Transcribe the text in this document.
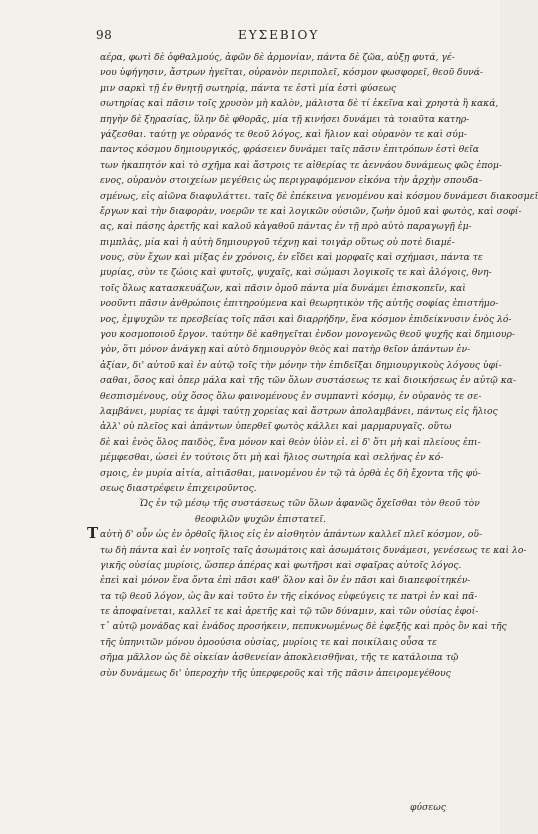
98	ΕΥΣΕΒΙΟΥ
αέρα, φωτὶ δὲ ὀφθαλμούς, ἀφῶν δὲ ἁρμονίαν, πάντα δὲ ζῶα, αὐξῃ φυτά, γέ-
νου ὑφήγησιν, ἄστρων ἡγεῖται, οὐρανὸν περιπολεῖ, κόσμον φωσφορεῖ, θεοῦ δυνά-
μιν σαρκὶ τῇ ἐν θνητῇ σωτηρίᾳ, πάντα τε ἐστὶ μία ἐστὶ φύσεως
σωτηρίας καὶ πᾶσιν τοῖς χρυσὸν μὴ καλὸν, μάλιστα δὲ τί ἐκεῖνα καὶ χρηστὰ ἢ κακά,
πηγὴν δὲ ξηρασίας, ὕλην δὲ φθορᾶς, μία τῇ κινήσει δυνάμει τὰ τοιαῦτα κατηρ-
γάζεσθαι. ταύτῃ γε οὐρανός τε θεοῦ λόγος, καὶ ἥλιον καὶ οὐρανὸν τε καὶ σύμ-
παντος κόσμου δημιουργικός, φράσειεν δυνάμει ταῖς πᾶσιν ἐπιτρόπων ἐστὶ θεῖα
των ἠκαπητόν καὶ τὸ σχῆμα καὶ ἄστροις τε αἰθερίας τε ἀεννάου δυνάμεως φῶς ἐπομ-
ενος, οὐρανὸν στοιχείων μεγέθεις ὡς περιγραφόμενον εἰκόνα τὴν ἀρχὴν σπουδα-
σμένως, εἰς αἰῶνα διαφυλάττει. ταῖς δὲ ἐπέκεινα γενομένου καὶ κόσμου δυνάμεσι διακοσμεῖ
ἔργων καὶ τὴν διαφορὰν, νοερῶν τε καὶ λογικῶν οὐσιῶν, ζωὴν ὁμοῦ καὶ φωτὸς, καὶ σοφί-
ας, καὶ πάσης ἀρετῆς καὶ καλοῦ κἀγαθοῦ πάντας ἐν τῇ πρὸ αὐτὸ παραγωγῇ ἐμ-
πιμπλὰς, μία καὶ ἡ αὐτὴ δημιουργοῦ τέχνῃ καὶ τοιγάρ οὕτως οὐ ποτὲ διαμέ-
νους, σὺν ἔχων καὶ μίξας ἐν χρόνοις, ἐν εἴδει καὶ μορφαῖς καὶ σχήμασι, πάντα τε
μυρίας, σὺν τε ζώοις καὶ φυτοῖς, ψυχαῖς, καὶ σώμασι λογικοῖς τε καὶ ἀλόγοις, θνη-
τοῖς ὅλως κατασκευάζων, καὶ πᾶσιν ὁμοῦ πάντα μία δυνάμει ἐπισκοπεῖν, καὶ
νοοῦντι πᾶσιν ἀνθρώποις ἐπιτηρούμενα καὶ θεωρητικὸν τῆς αὐτῆς σοφίας ἐπιστήμο-
νος, ἐμψυχῶν τε πρεσβείας τοῖς πᾶσι καὶ διαρρήδην, ἕνα κόσμον ἐπιδείκνυσιν ἑνὸς λό-
γου κοσμοποιοῦ ἔργον. ταύτην δὲ καθηγεῖται ἐνδον μονογενῶς θεοῦ ψυχῆς καὶ δημιουρ-
γὸν, ὅτι μόνον ἀνάγκῃ καὶ αὐτὸ δημιουργὸν θεὸς καὶ πατὴρ θεῖον ἀπάντων ἐν-
ἀξίαν, δι' αὐτοῦ καὶ ἐν αὐτῷ τοῖς τὴν μόνην τὴν ἐπιδεῖξαι δημιουργικοὺς λόγους ὑφί-
σαθαι, ὅσος καὶ ὁπερ μάλα καὶ τῆς τῶν ὅλων συστάσεως τε καὶ διοικήσεως ἐν αὐτῷ κα-
θεσπισμένους, οὐχ ὅσος ὅλω φαινομένους ἐν συμπαντὶ κόσμῳ, ἐν οὐρανὸς τε σε-
λαμβάνει, μυρίας τε ἀμφὶ ταύτῃ χορείας καὶ ἄστρων ἀπολαμβάνει, πάντως εἰς ἥλιος
ἀλλ' οὐ πλεῖος καὶ ἀπάντων ὑπερθεῖ φωτὸς κάλλει καὶ μαρμαρυγαῖς. οὕτω
δὲ καὶ ἑνὸς ὅλος παιδὸς, ἕνα μόνον καὶ θεὸν ὑἱὸν εἰ. εἰ δ' ὅτι μὴ καὶ πλείους ἐπι-
μέμφεσθαι, ὡσεὶ ἐν τούτοις ὅτι μὴ καὶ ἥλιος σωτηρία καὶ σελήνας ἐν κό-
σμοις, ἐν μυρία αἰτία, αἰτιᾶσθαι, μαινομένου ἐν τῷ τὰ ὀρθὰ ἐς δὴ ἔχοντα τῆς φύ-
σεως διαστρέφειν ἐπιχειροῦντος.
Ὡς ἐν τῷ μέσῳ τῆς συστάσεως τῶν ὅλων ἀφανῶς ὄχεῖσθαι τὸν θεοῦ τὸν
θεοφιλῶν ψυχῶν ἐπιστατεῖ.
T αὐτὴ δ' οὖν ὡς ἐν ὀρθοῖς ἥλιος εἰς ἐν αἰσθητὸν ἀπάντων καλλεῖ πλεῖ κόσμον, οὕ-
τω δὴ πάντα καὶ ἐν νοητοῖς ταῖς ἀσωμάτοις καὶ ἀσωμάτοις δυνάμεσι, γενέσεως τε καὶ λο-
γικῆς οὐσίας μυρίοις, ὥσπερ ἀπέρας καὶ φωτῆρσι καὶ σφαῖρας αὐτοῖς λόγος.
ἐπεὶ καὶ μόνον ἕνα ὄντα ἐπὶ πᾶσι καθ' ὅλον καὶ ὃν ἐν πᾶσι καὶ διαπεφοίτηκέν-
τα τῷ θεοῦ λόγον, ὡς ἂν καὶ τοῦτο ἐν τῆς εἰκόνος εὐφεύγεις τε πατρὶ ἐν καὶ πᾶ-
τε ἀποφαίνεται, καλλεῖ τε καὶ ἀρετῆς καὶ τῷ τῶν δύναμιν, καὶ τῶν οὐσίας ἐφοί-
τ᾽ αὐτῷ μονάδας καὶ ἑνάδος προσήκειν, πεπυκνωμένως δὲ ἐφεξῆς καὶ πρὸς ὃν καὶ τῆς
τῆς ὑπηνιτῶν μόνου ὁμοούσια οὐσίας, μυρίοις τε καὶ ποικίλαις οὖσα τε
σῆμα μᾶλλον ὡς δὲ οἰκείαν ἀσθενείαν ἀποκλεισθῆναι, τῆς τε κατάλοιπα τῷ
σὺν δυνάμεως δι' ὑπεροχὴν τῆς ὑπερφεροῦς καὶ τῆς πᾶσιν ἀπειρομεγέθους
φύσεως
